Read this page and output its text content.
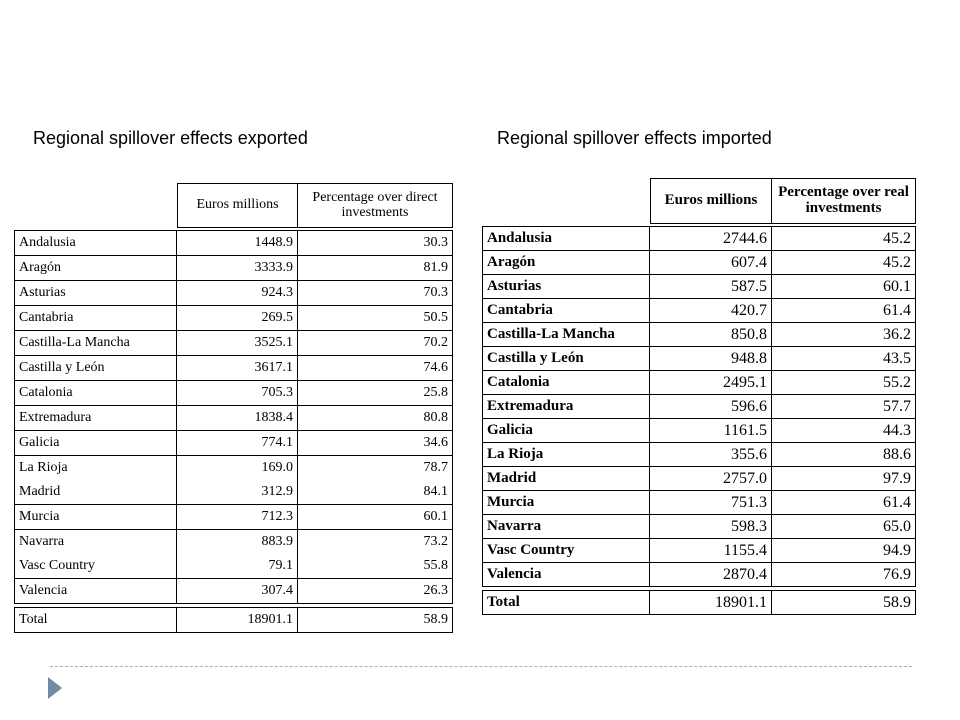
Regional spillover effects exported	Regional spillover effects imported
	Euros millions	Percentage over direct investments

Andalusia	1448.9	30.3
Aragón	3333.9	81.9
Asturias	924.3	70.3
Cantabria	269.5	50.5
Castilla-La Mancha	3525.1	70.2
Castilla y León	3617.1	74.6
Catalonia	705.3	25.8
Extremadura	1838.4	80.8
Galicia	774.1	34.6
La Rioja	169.0	78.7
Madrid	312.9	84.1
Murcia	712.3	60.1
Navarra	883.9	73.2
Vasc Country	79.1	55.8
Valencia	307.4	26.3

Total	18901.1	58.9
	Euros millions	Percentage over real investments

Andalusia	2744.6	45.2
Aragón	607.4	45.2
Asturias	587.5	60.1
Cantabria	420.7	61.4
Castilla-La Mancha	850.8	36.2
Castilla y León	948.8	43.5
Catalonia	2495.1	55.2
Extremadura	596.6	57.7
Galicia	1161.5	44.3
La Rioja	355.6	88.6
Madrid	2757.0	97.9
Murcia	751.3	61.4
Navarra	598.3	65.0
Vasc Country	1155.4	94.9
Valencia	2870.4	76.9

Total	18901.1	58.9
